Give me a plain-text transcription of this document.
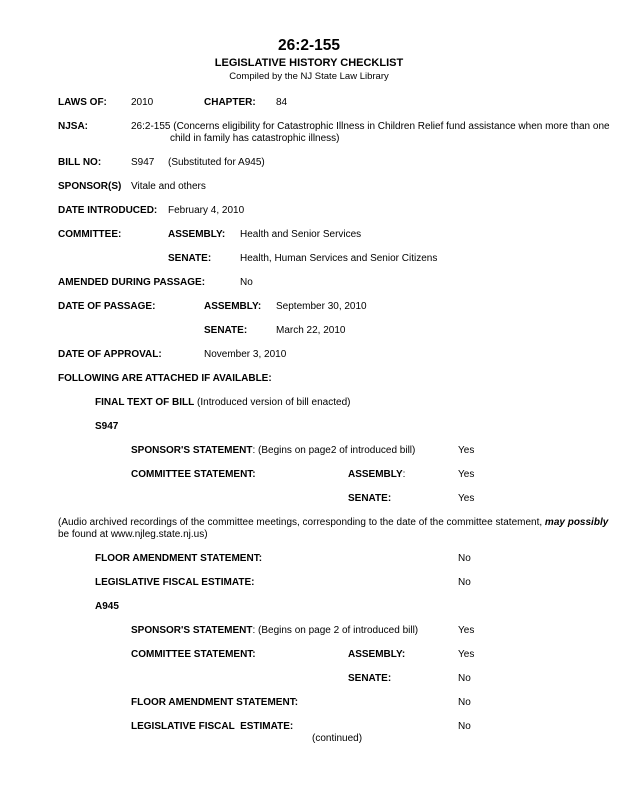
26:2-155
LEGISLATIVE HISTORY CHECKLIST
Compiled by the NJ State Law Library
LAWS OF: 2010	CHAPTER: 84
NJSA:	26:2-155 (Concerns eligibility for Catastrophic Illness in Children Relief fund assistance when more than one
child in family has catastrophic illness)
BILL NO:	S947 (Substituted for A945)
SPONSOR(S) Vitale and others
DATE INTRODUCED: February 4, 2010
COMMITTEE:	ASSEMBLY: Health and Senior Services
SENATE:	Health, Human Services and Senior Citizens
AMENDED DURING PASSAGE:	No
DATE OF PASSAGE:	ASSEMBLY: September 30, 2010
SENATE:	March 22, 2010
DATE OF APPROVAL:	November 3, 2010
FOLLOWING ARE ATTACHED IF AVAILABLE:
FINAL TEXT OF BILL (Introduced version of bill enacted)
S947
SPONSOR'S STATEMENT: (Begins on page2 of introduced bill)	Yes
COMMITTEE STATEMENT:	ASSEMBLY:	Yes
SENATE:	Yes
(Audio archived recordings of the committee meetings, corresponding to the date of the committee statement, may possibly
be found at www.njleg.state.nj.us)
FLOOR AMENDMENT STATEMENT:	No
LEGISLATIVE FISCAL ESTIMATE:	No
A945
SPONSOR'S STATEMENT: (Begins on page 2 of introduced bill)	Yes
COMMITTEE STATEMENT:	ASSEMBLY:	Yes
SENATE:	No
FLOOR AMENDMENT STATEMENT:	No
LEGISLATIVE FISCAL  ESTIMATE:	No
(continued)
